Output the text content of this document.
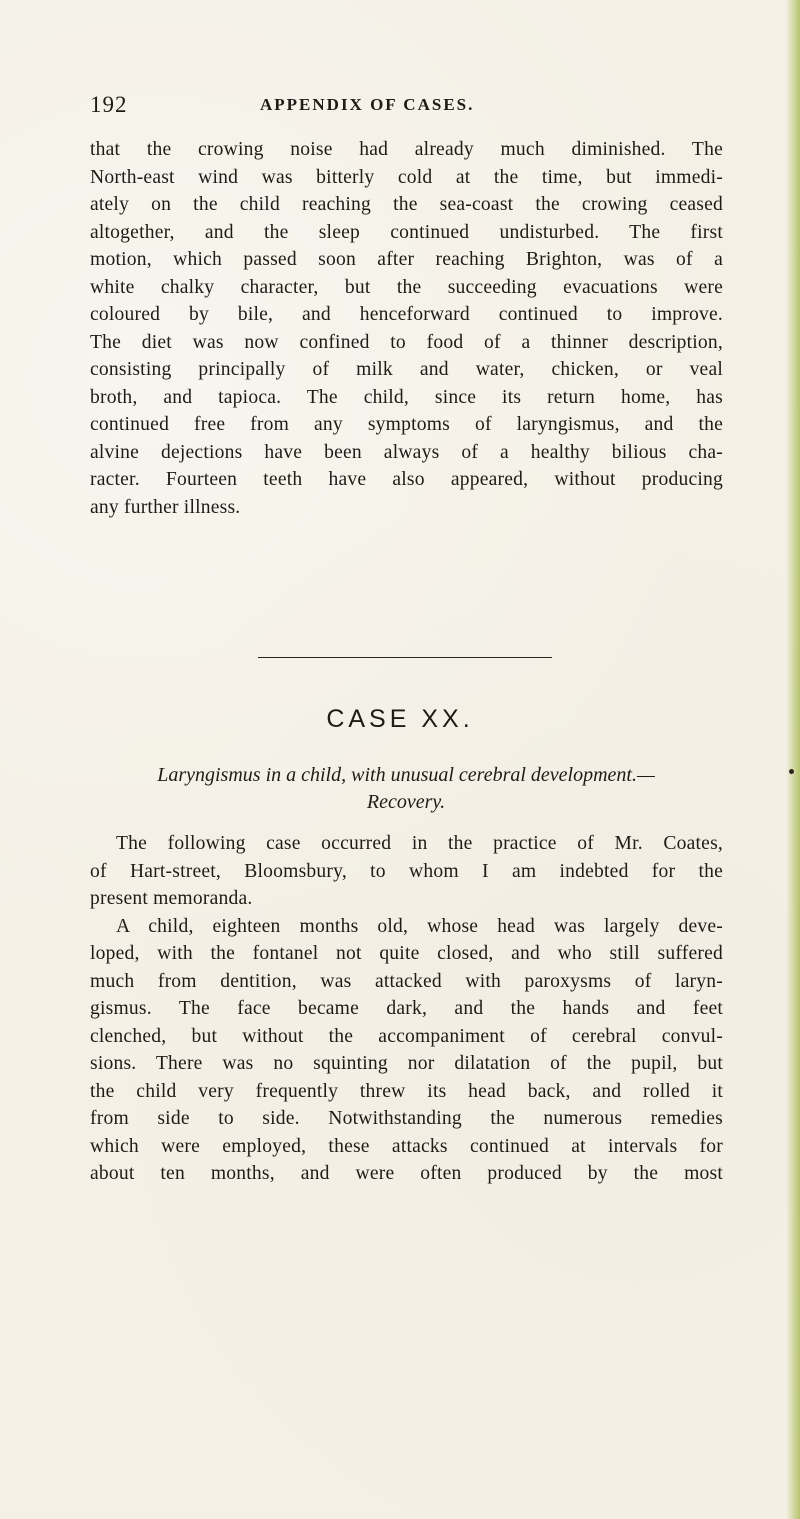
192	APPENDIX OF CASES.
that the crowing noise had already much diminished. The
North-east wind was bitterly cold at the time, but immedi-
ately on the child reaching the sea-coast the crowing ceased
altogether, and the sleep continued undisturbed. The first
motion, which passed soon after reaching Brighton, was of a
white chalky character, but the succeeding evacuations were
coloured by bile, and henceforward continued to improve.
The diet was now confined to food of a thinner description,
consisting principally of milk and water, chicken, or veal
broth, and tapioca. The child, since its return home, has
continued free from any symptoms of laryngismus, and the
alvine dejections have been always of a healthy bilious cha-
racter. Fourteen teeth have also appeared, without producing
any further illness.
CASE XX.
Laryngismus in a child, with unusual cerebral development.—
Recovery.
The following case occurred in the practice of Mr. Coates,
of Hart-street, Bloomsbury, to whom I am indebted for the
present memoranda.
A child, eighteen months old, whose head was largely deve-
loped, with the fontanel not quite closed, and who still suffered
much from dentition, was attacked with paroxysms of laryn-
gismus. The face became dark, and the hands and feet
clenched, but without the accompaniment of cerebral convul-
sions. There was no squinting nor dilatation of the pupil, but
the child very frequently threw its head back, and rolled it
from side to side. Notwithstanding the numerous remedies
which were employed, these attacks continued at intervals for
about ten months, and were often produced by the most
